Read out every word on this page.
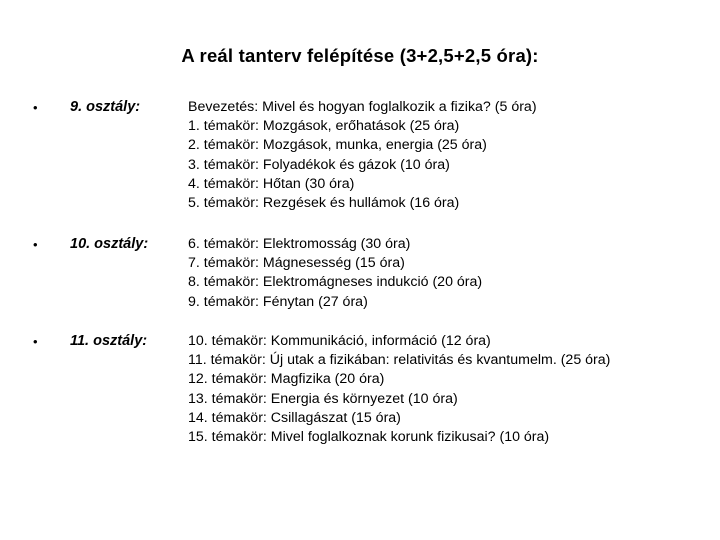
A reál tanterv felépítése (3+2,5+2,5 óra):
• 9. osztály:	Bevezetés: Mivel és hogyan foglalkozik a fizika? (5 óra)
1. témakör: Mozgások, erőhatások (25 óra)
2. témakör: Mozgások, munka, energia (25 óra)
3. témakör: Folyadékok és gázok (10 óra)
4. témakör: Hőtan (30 óra)
5. témakör: Rezgések és hullámok (16 óra)
• 10. osztály:	6. témakör: Elektromosság (30 óra)
7. témakör: Mágnesesség (15 óra)
8. témakör: Elektromágneses indukció (20 óra)
9. témakör: Fénytan (27 óra)
• 11. osztály:	10. témakör: Kommunikáció, információ (12 óra)
11. témakör: Új utak a fizikában: relativitás és kvantumelm. (25 óra)
12. témakör: Magfizika (20 óra)
13. témakör: Energia és környezet (10 óra)
14. témakör: Csillagászat (15 óra)
15. témakör: Mivel foglalkoznak korunk fizikusai? (10 óra)
